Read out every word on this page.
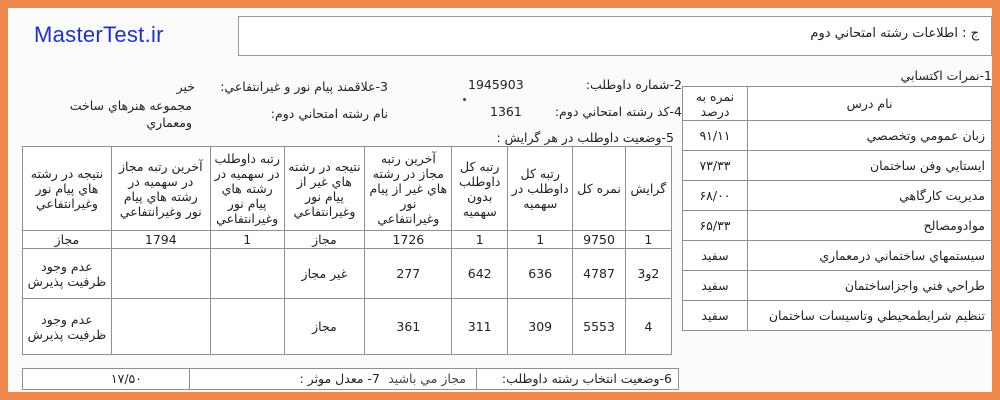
MasterTest.ir	ج : اطلاعات رشته امتحاني دوم
1-نمرات اكتسابي
2-شماره داوطلب:
1945903
3-علاقمند پيام نور و غيرانتفاعي:
خير
4-كد رشته امتحاني دوم:
1361
نام رشته امتحاني دوم:
مجموعه هنرهاي ساخت
ومعماري
5-وضعيت داوطلب در هر گرايش :
نمره به درصد	نام درس
۹۱/۱۱	زبان عمومي وتخصصي
۷۳/۳۳	ايستايي وفن ساختمان
۶۸/۰۰	مديريت كارگاهي
۶۵/۳۳	موادومصالح
سفيد	سيستمهاي ساختماني درمعماري
سفيد	طراحي فني واجزاساختمان
سفيد	تنظيم شرايطمحيطي وتاسيسات ساختمان
نتيجه در رشته هاي پيام نور وغيرانتفاعي	آخرين رتبه مجاز در سهميه در رشته هاي پيام نور وغيرانتفاعي	رتبه داوطلب در سهميه در رشته هاي پيام نور وغيرانتفاعي	نتيجه در رشته هاي غير از پيام نور وغيرانتفاعي	آخرين رتبه مجاز در رشته هاي غير از پيام نور وغيرانتفاعي	رتبه كل داوطلب بدون سهميه	رتبه كل داوطلب در سهميه	نمره كل	گرايش
مجاز	1794	1	مجاز	1726	1	1	9750	1
عدم وجود ظرفيت پذيرش			غير مجاز	277	642	636	4787	2و3
عدم وجود ظرفيت پذيرش			مجاز	361	311	309	5553	4
6-وضعيت انتخاب رشته داوطلب:
مجاز مي باشيد
7- معدل موثر :
۱۷/۵۰
